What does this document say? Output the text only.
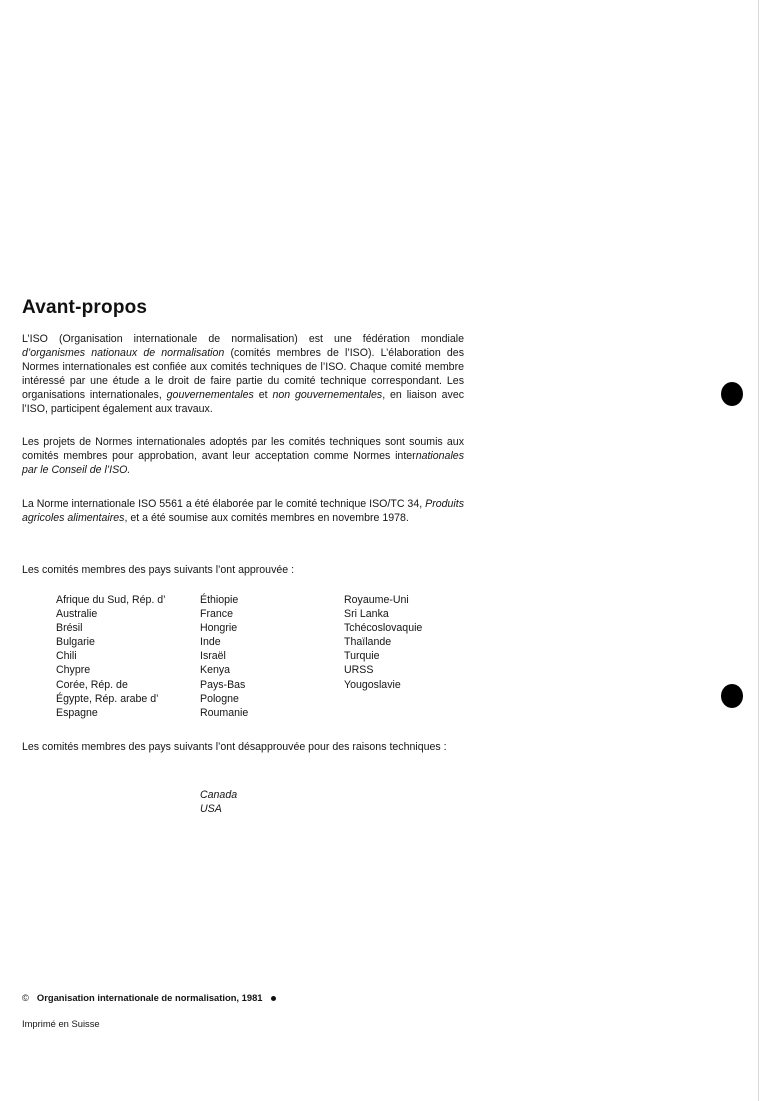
Avant-propos
L’ISO (Organisation internationale de normalisation) est une fédération mondiale d’organismes nationaux de normalisation (comités membres de l’ISO). L’élaboration des Normes internationales est confiée aux comités techniques de l’ISO. Chaque comité membre intéressé par une étude a le droit de faire partie du comité technique correspondant. Les organisations internationales, gouvernementales et non gouvernementales, en liaison avec l’ISO, participent également aux travaux.
Les projets de Normes internationales adoptés par les comités techniques sont soumis aux comités membres pour approbation, avant leur acceptation comme Normes internationales par le Conseil de l’ISO.
La Norme internationale ISO 5561 a été élaborée par le comité technique ISO/TC 34, Produits agricoles alimentaires, et a été soumise aux comités membres en novembre 1978.
Les comités membres des pays suivants l’ont approuvée :
Afrique du Sud, Rép. d’
Australie
Brésil
Bulgarie
Chili
Chypre
Corée, Rép. de
Égypte, Rép. arabe d’
Espagne
Éthiopie
France
Hongrie
Inde
Israël
Kenya
Pays-Bas
Pologne
Roumanie
Royaume-Uni
Sri Lanka
Tchécoslovaquie
Thaïlande
Turquie
URSS
Yougoslavie
Les comités membres des pays suivants l’ont désapprouvée pour des raisons techniques :
Canada
USA
© Organisation internationale de normalisation, 1981
Imprimé en Suisse
